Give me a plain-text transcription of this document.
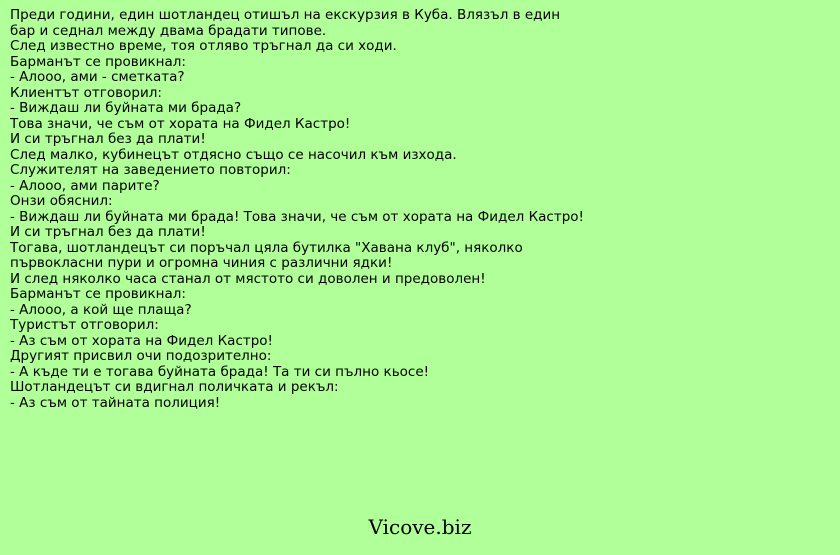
Преди години, един шотландец отишъл на екскурзия в Куба. Влязъл в един
бар и седнал между двама брадати типове.
След известно време, тоя отляво тръгнал да си ходи.
Барманът се провикнал:
- Алооо, ами - сметката?
Клиентът отговорил:
- Виждаш ли буйната ми брада?
Това значи, че съм от хората на Фидел Кастро!
И си тръгнал без да плати!
След малко, кубинецът отдясно също се насочил към изхода.
Служителят на заведението повторил:
- Алооо, ами парите?
Онзи обяснил:
- Виждаш ли буйната ми брада! Това значи, че съм от хората на Фидел Кастро!
И си тръгнал без да плати!
Тогава, шотландецът си поръчал цяла бутилка "Хавана клуб", няколко
първокласни пури и огромна чиния с различни ядки!
И след няколко часа станал от мястото си доволен и предоволен!
Барманът се провикнал:
- Алооо, а кой ще плаща?
Туристът отговорил:
- Аз съм от хората на Фидел Кастро!
Другият присвил очи подозрително:
- А къде ти е тогава буйната брада! Та ти си пълно кьосе!
Шотландецът си вдигнал поличката и рекъл:
- Аз съм от тайната полиция!
Vicove.biz
